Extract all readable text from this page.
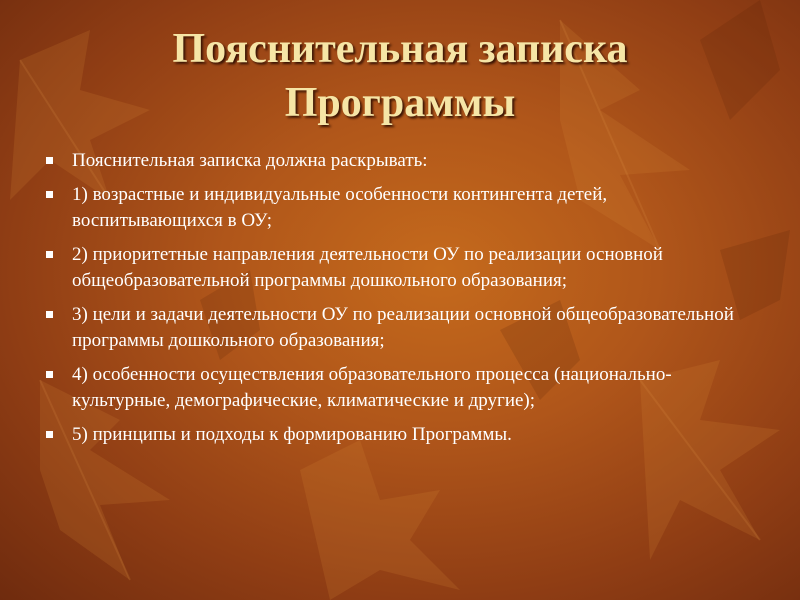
Пояснительная записка
Программы
Пояснительная записка должна раскрывать:
1) возрастные и индивидуальные особенности контингента детей, воспитывающихся в ОУ;
2) приоритетные направления деятельности ОУ по реализации основной общеобразовательной программы дошкольного образования;
3) цели и задачи деятельности ОУ по реализации основной общеобразовательной программы дошкольного образования;
4) особенности осуществления образовательного процесса (национально-культурные, демографические, климатические и другие);
5) принципы и подходы к формированию Программы.
